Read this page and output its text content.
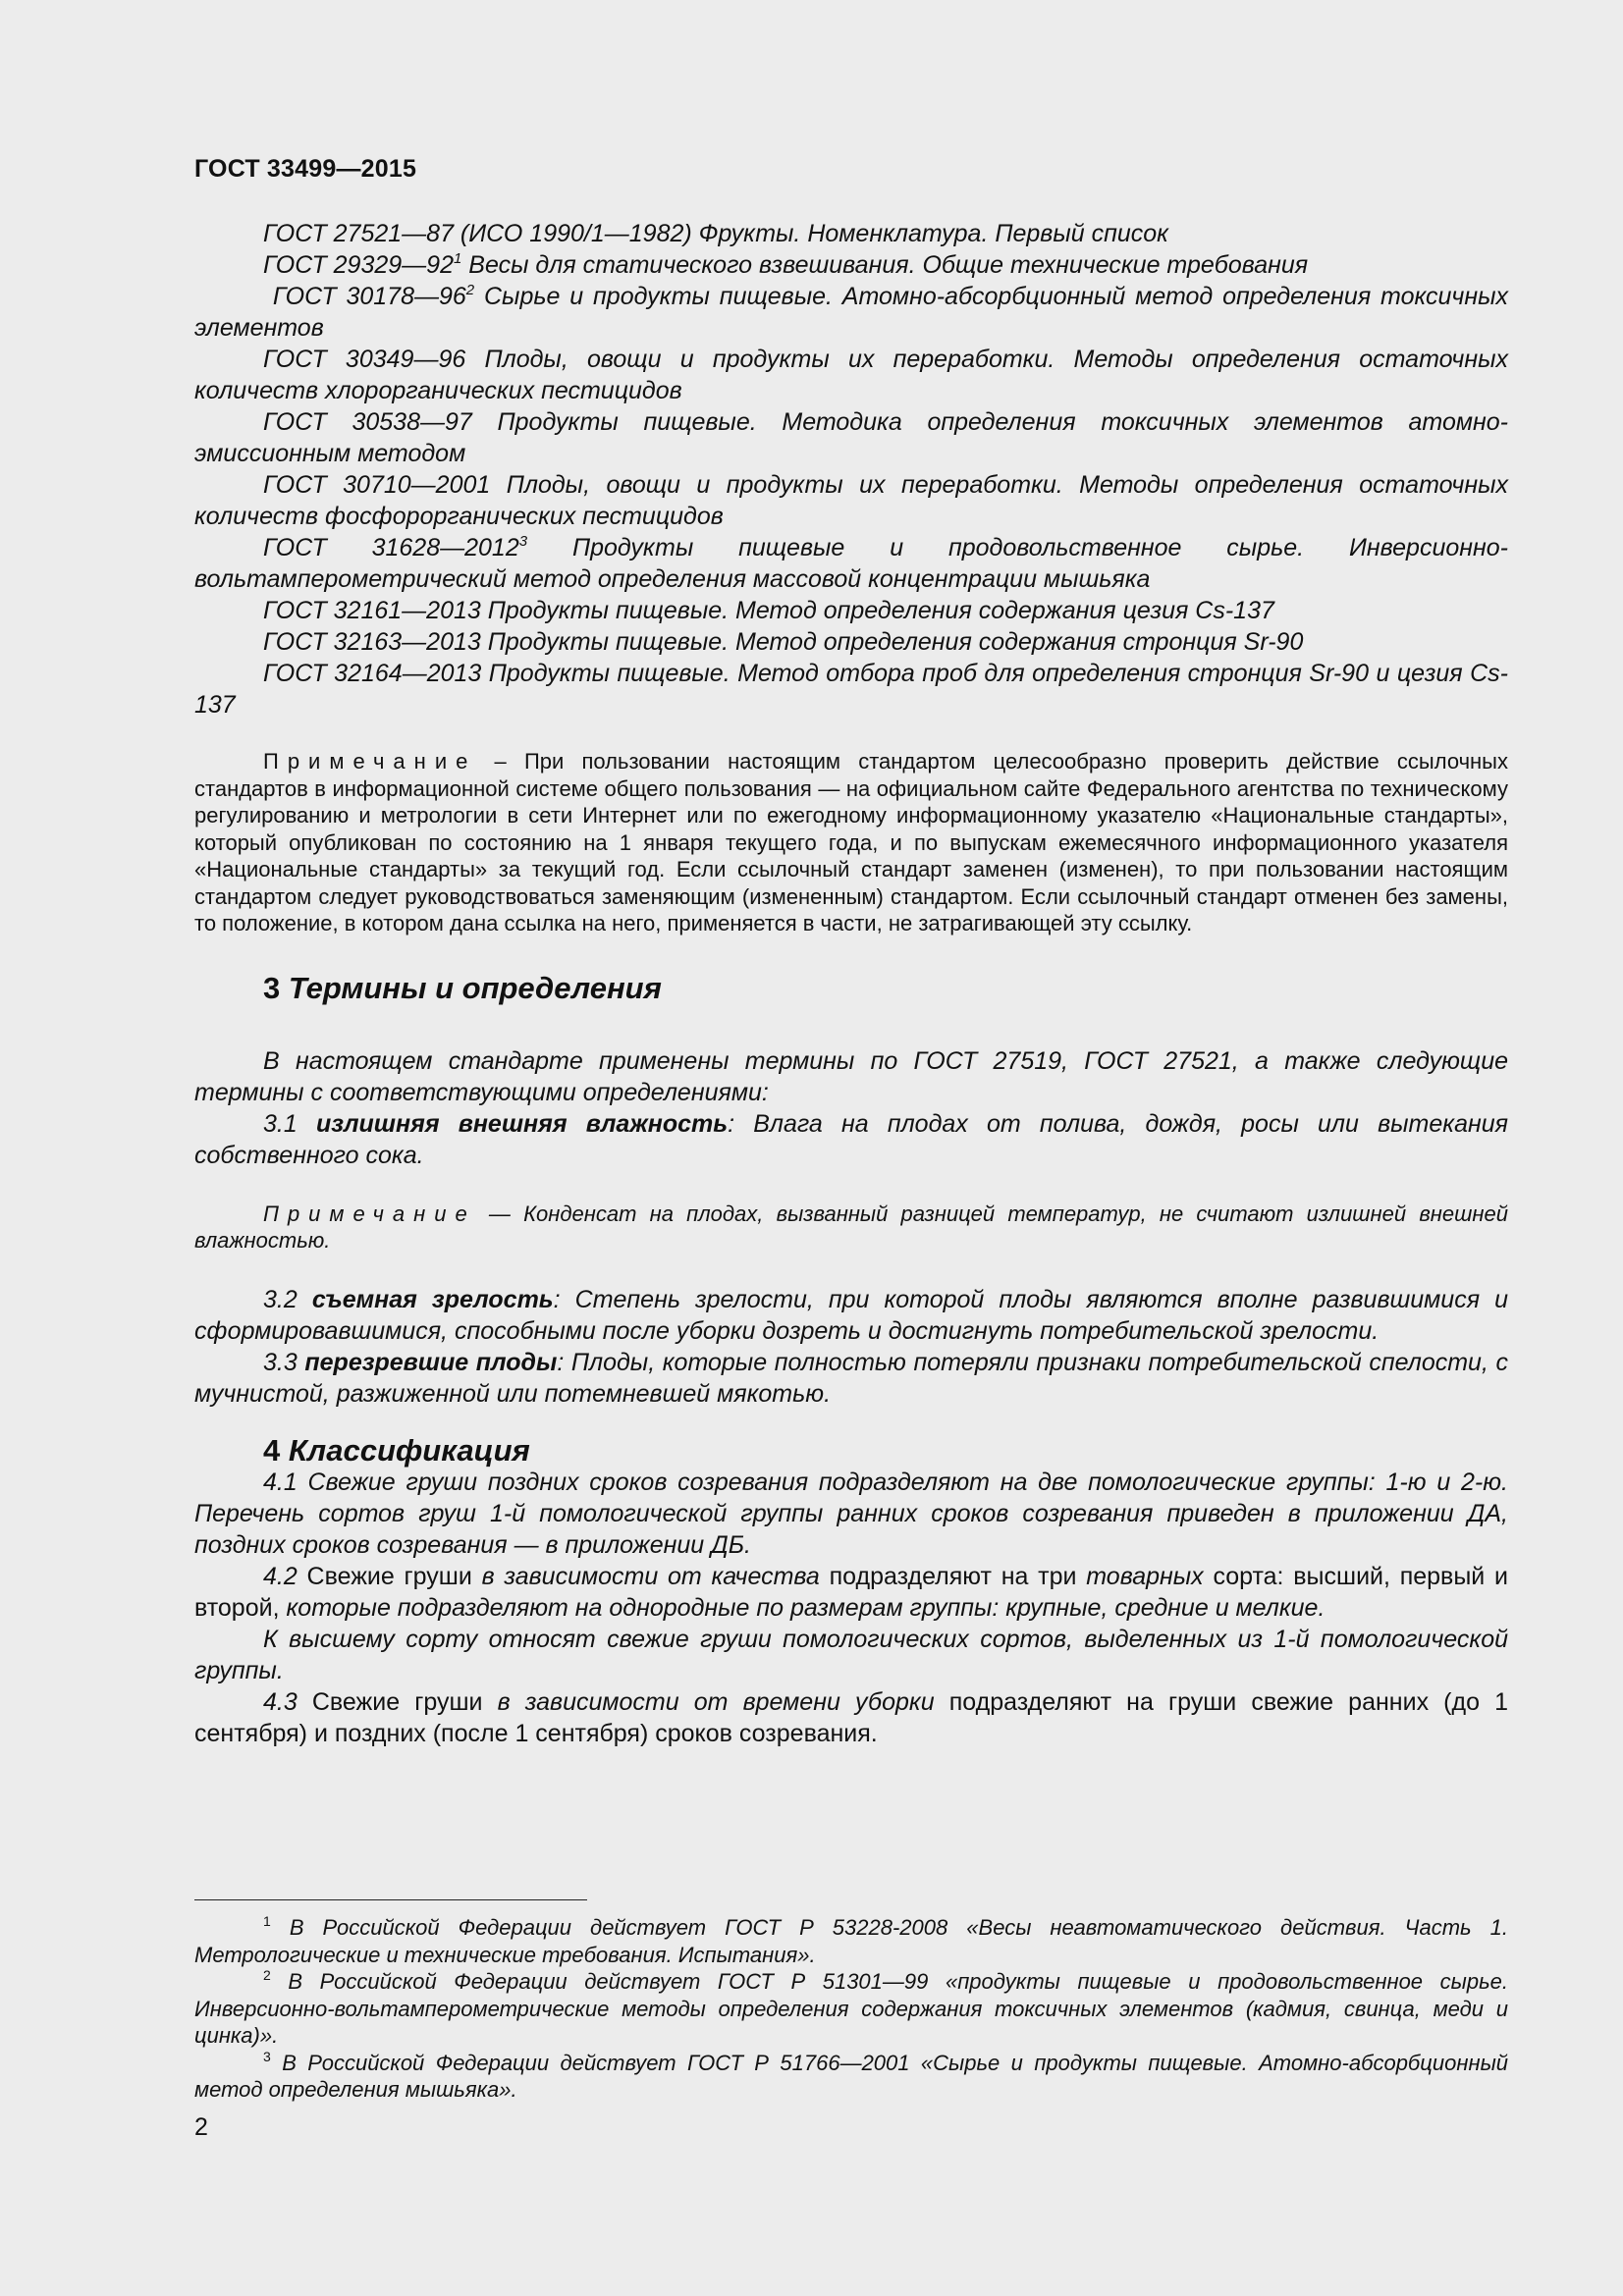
ГОСТ 33499—2015

ГОСТ 27521—87 (ИСО 1990/1—1982) Фрукты. Номенклатура. Первый список

ГОСТ $29329—92^1$ Весы для статического взвешивания. Общие технические требования

ГОСТ $30178—96^2$ Сырье и продукты пищевые. Атомно-абсорбционный метод определения токсичных элементов

ГОСТ 30349—96 Плоды, овощи и продукты их переработки. Методы определения остаточных количеств хлорорганических пестицидов

ГОСТ 30538—97 Продукты пищевые. Методика определения токсичных элементов атомно-эмиссионным методом

ГОСТ 30710—2001 Плоды, овощи и продукты их переработки. Методы определения остаточных количеств фосфорорганических пестицидов

ГОСТ 31628—2012$^3$ Продукты пищевые и продовольственное сырье. Инверсионно-вольтамперометрический метод определения массовой концентрации мышьяка

ГОСТ 32161—2013 Продукты пищевые. Метод определения содержания цезия Cs-137

ГОСТ 32163—2013 Продукты пищевые. Метод определения содержания стронция Sr-90

ГОСТ 32164—2013 Продукты пищевые. Метод отбора проб для определения стронция Sr-90 и цезия Cs-137

Примечание – При пользовании настоящим стандартом целесообразно проверить действие ссылочных стандартов в информационной системе общего пользования — на официальном сайте Федерального агентства по техническому регулированию и метрологии в сети Интернет или по ежегодному информационному указателю «Национальные стандарты», который опубликован по состоянию на 1 января текущего года, и по выпускам ежемесячного информационного указателя «Национальные стандарты» за текущий год. Если ссылочный стандарт заменен (изменен), то при пользовании настоящим стандартом следует руководствоваться заменяющим (измененным) стандартом. Если ссылочный стандарт отменен без замены, то положение, в котором дана ссылка на него, применяется в части, не затрагивающей эту ссылку.

3 Термины и определения

В настоящем стандарте применены термины по ГОСТ 27519, ГОСТ 27521, а также следующие термины с соответствующими определениями:

3.1 излишняя внешняя влажность: Влага на плодах от полива, дождя, росы или вытекания собственного сока.

Примечание — Конденсат на плодах, вызванный разницей температур, не считают излишней внешней влажностью.

3.2 съемная зрелость: Степень зрелости, при которой плоды являются вполне развившимися и сформировавшимися, способными после уборки дозреть и достигнуть потребительской зрелости.

3.3 перезревшие плоды: Плоды, которые полностью потеряли признаки потребительской спелости, с мучнистой, разжиженной или потемневшей мякотью.

4 Классификация

4.1 Свежие груши поздних сроков созревания подразделяют на две помологические группы: 1-ю и 2-ю. Перечень сортов груш 1-й помологической группы ранних сроков созревания приведен в приложении ДА, поздних сроков созревания — в приложении ДБ.

4.2 Свежие груши в зависимости от качества подразделяют на три товарных сорта: высший, первый и второй, которые подразделяют на однородные по размерам группы: крупные, средние и мелкие.

К высшему сорту относят свежие груши помологических сортов, выделенных из 1-й помологической группы.

4.3 Свежие груши в зависимости от времени уборки подразделяют на груши свежие ранних (до 1 сентября) и поздних (после 1 сентября) сроков созревания.

$^1$ В Российской Федерации действует ГОСТ Р 53228-2008 «Весы неавтоматического действия. Часть 1. Метрологические и технические требования. Испытания».

$^2$ В Российской Федерации действует ГОСТ Р 51301—99 «продукты пищевые и продовольственное сырье. Инверсионно-вольтамперометрические методы определения содержания токсичных элементов (кадмия, свинца, меди и цинка)».

$^3$ В Российской Федерации действует ГОСТ Р 51766—2001 «Сырье и продукты пищевые. Атомно-абсорбционный метод определения мышьяка».

2
